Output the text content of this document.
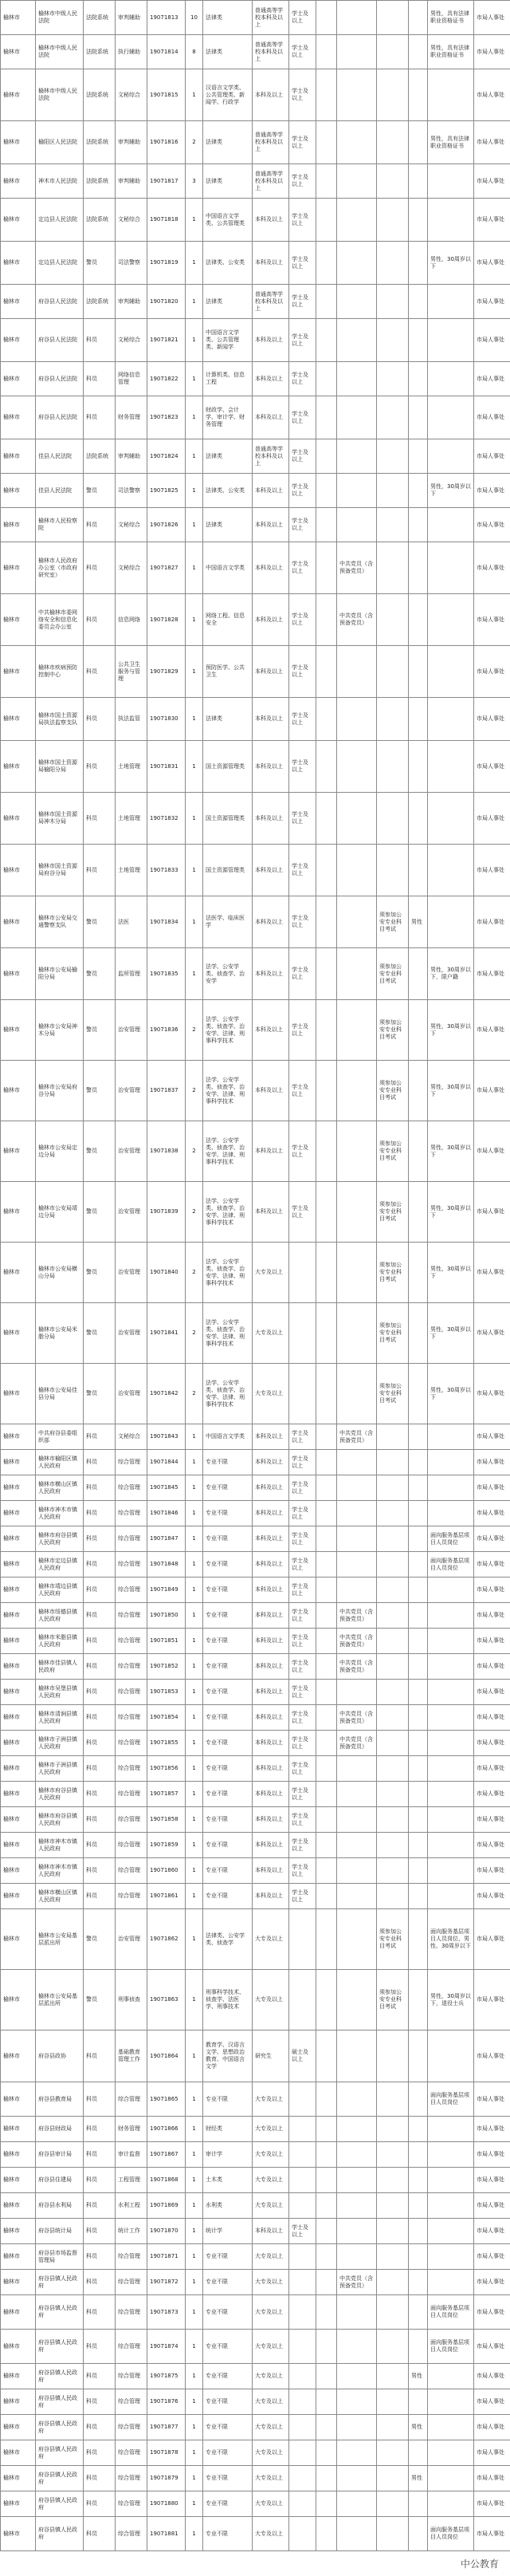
榆林市	榆林市中级人民法院	法院系统	审判辅助	19071813	10	法律类	普通高等学校本科及以上	学士及以上					男性，具有法律职业资格证书	市局人事处
榆林市	榆林市中级人民法院	法院系统	执行辅助	19071814	8	法律类	普通高等学校本科及以上	学士及以上					男性，具有法律职业资格证书	市局人事处
榆林市	榆林市中级人民法院	法院系统	文秘综合	19071815	1	汉语言文学类、公共管理类、新闻学、行政学	本科及以上	学士及以上						市局人事处
榆林市	榆阳区人民法院	法院系统	审判辅助	19071816	2	法律类	普通高等学校本科及以上	学士及以上					男性，具有法律职业资格证书	市局人事处
榆林市	神木市人民法院	法院系统	审判辅助	19071817	3	法律类	普通高等学校本科及以上	学士及以上						市局人事处
榆林市	定边县人民法院	法院系统	文秘综合	19071818	1	中国语言文学类、公共管理类	本科及以上	学士及以上						市局人事处
榆林市	定边县人民法院	警员	司法警察	19071819	1	法律类、公安类	本科及以上	学士及以上					男性，30周岁以下	市局人事处
榆林市	府谷县人民法院	法院系统	审判辅助	19071820	1	法律类	普通高等学校本科及以上	学士及以上						市局人事处
榆林市	府谷县人民法院	科员	文秘综合	19071821	1	中国语言文学类、公共管理类、新闻学	本科及以上	学士及以上						市局人事处
榆林市	府谷县人民法院	科员	网络信息管理	19071822	1	计算机类、信息工程	本科及以上	学士及以上						市局人事处
榆林市	府谷县人民法院	科员	财务管理	19071823	1	财政学、会计学、审计学、财务管理	本科及以上	学士及以上						市局人事处
榆林市	佳县人民法院	法院系统	审判辅助	19071824	1	法律类	普通高等学校本科及以上	学士及以上						市局人事处
榆林市	佳县人民法院	警员	司法警察	19071825	1	法律类、公安类	本科及以上	学士及以上					男性，30周岁以下	市局人事处
榆林市	榆林市人民检察院	科员	文秘综合	19071826	1	法律类	本科及以上	学士及以上						市局人事处
榆林市	榆林市人民政府办公室（市政府研究室）	科员	文秘综合	19071827	1	中国语言文学类	本科及以上	学士及以上		中共党员（含预备党员）				市局人事处
榆林市	中共榆林市委网络安全和信息化委员会办公室	科员	信息网络	19071828	1	网络工程、信息安全	本科及以上	学士及以上		中共党员（含预备党员）				市局人事处
榆林市	榆林市疾病预防控制中心	科员	公共卫生服务与管理	19071829	1	预防医学、公共卫生	本科及以上	学士及以上						市局人事处
榆林市	榆林市国土资源局执法监察支队	科员	执法监管	19071830	1	法律类	本科及以上	学士及以上						市局人事处
榆林市	榆林市国土资源局榆阳分局	科员	土地管理	19071831	1	国土资源管理类	本科及以上	学士及以上						市局人事处
榆林市	榆林市国土资源局神木分局	科员	土地管理	19071832	1	国土资源管理类	本科及以上	学士及以上						市局人事处
榆林市	榆林市国土资源局府谷分局	科员	土地管理	19071833	1	国土资源管理类	本科及以上	学士及以上						市局人事处
榆林市	榆林市公安局交通警察支队	警员	法医	19071834	1	法医学、临床医学	本科及以上	学士及以上			须参加公安专业科目考试	男性		市局人事处
榆林市	榆林市公安局榆阳分局	警员	监所管理	19071835	1	法学、公安学类、侦查学、治安学	本科及以上	学士及以上			须参加公安专业科目考试		男性，30周岁以下，限户籍	市局人事处
榆林市	榆林市公安局神木分局	警员	治安管理	19071836	2	法学、公安学类、侦查学、治安学、法律、刑事科学技术	本科及以上	学士及以上			须参加公安专业科目考试		男性，30周岁以下	市局人事处
榆林市	榆林市公安局府谷分局	警员	治安管理	19071837	2	法学、公安学类、侦查学、治安学、法律、刑事科学技术	本科及以上	学士及以上			须参加公安专业科目考试		男性，30周岁以下	市局人事处
榆林市	榆林市公安局定边分局	警员	治安管理	19071838	2	法学、公安学类、侦查学、治安学、法律、刑事科学技术	本科及以上	学士及以上			须参加公安专业科目考试		男性，30周岁以下	市局人事处
榆林市	榆林市公安局靖边分局	警员	治安管理	19071839	2	法学、公安学类、侦查学、治安学、法律、刑事科学技术	本科及以上	学士及以上			须参加公安专业科目考试		男性，30周岁以下	市局人事处
榆林市	榆林市公安局横山分局	警员	治安管理	19071840	2	法学、公安学类、侦查学、治安学、法律、刑事科学技术	大专及以上				须参加公安专业科目考试		男性，30周岁以下	市局人事处
榆林市	榆林市公安局米脂分局	警员	治安管理	19071841	2	法学、公安学类、侦查学、治安学、法律、刑事科学技术	大专及以上				须参加公安专业科目考试		男性，30周岁以下	市局人事处
榆林市	榆林市公安局佳县分局	警员	治安管理	19071842	2	法学、公安学类、侦查学、治安学、法律、刑事科学技术	大专及以上				须参加公安专业科目考试		男性，30周岁以下	市局人事处
榆林市	中共府谷县委组织部	科员	文秘综合	19071843	1	中国语言文学类	本科及以上	学士及以上		中共党员（含预备党员）				市局人事处
榆林市	榆林市榆阳区镇人民政府	科员	综合管理	19071844	1	专业不限	本科及以上	学士及以上						市局人事处
榆林市	榆林市横山区镇人民政府	科员	综合管理	19071845	1	专业不限	本科及以上	学士及以上						市局人事处
榆林市	榆林市神木市镇人民政府	科员	综合管理	19071846	1	专业不限	本科及以上	学士及以上						市局人事处
榆林市	榆林市府谷县镇人民政府	科员	综合管理	19071847	1	专业不限	本科及以上	学士及以上					面向服务基层项目人员岗位	市局人事处
榆林市	榆林市定边县镇人民政府	科员	综合管理	19071848	1	专业不限	本科及以上	学士及以上					面向服务基层项目人员岗位	市局人事处
榆林市	榆林市靖边县镇人民政府	科员	综合管理	19071849	1	专业不限	本科及以上	学士及以上						市局人事处
榆林市	榆林市绥德县镇人民政府	科员	综合管理	19071850	1	专业不限	本科及以上	学士及以上		中共党员（含预备党员）				市局人事处
榆林市	榆林市米脂县镇人民政府	科员	综合管理	19071851	1	专业不限	本科及以上	学士及以上		中共党员（含预备党员）				市局人事处
榆林市	榆林市佳县镇人民政府	科员	综合管理	19071852	1	专业不限	本科及以上	学士及以上		中共党员（含预备党员）				市局人事处
榆林市	榆林市吴堡县镇人民政府	科员	综合管理	19071853	1	专业不限	本科及以上	学士及以上						市局人事处
榆林市	榆林市清涧县镇人民政府	科员	综合管理	19071854	1	专业不限	本科及以上	学士及以上		中共党员（含预备党员）				市局人事处
榆林市	榆林市子洲县镇人民政府	科员	综合管理	19071855	1	专业不限	本科及以上	学士及以上		中共党员（含预备党员）				市局人事处
榆林市	榆林市子洲县镇人民政府	科员	综合管理	19071856	1	专业不限	本科及以上	学士及以上						市局人事处
榆林市	榆林市府谷县镇人民政府	科员	综合管理	19071857	1	专业不限	本科及以上	学士及以上						市局人事处
榆林市	榆林市府谷县镇人民政府	科员	综合管理	19071858	1	专业不限	本科及以上	学士及以上						市局人事处
榆林市	榆林市神木市镇人民政府	科员	综合管理	19071859	1	专业不限	本科及以上	学士及以上						市局人事处
榆林市	榆林市神木市镇人民政府	科员	综合管理	19071860	1	专业不限	本科及以上	学士及以上						市局人事处
榆林市	榆林市横山区镇人民政府	科员	综合管理	19071861	1	专业不限	本科及以上	学士及以上						市局人事处
榆林市	榆林市公安局基层派出所	警员	治安管理	19071862	1	法律类、公安学类、侦查学	大专及以上				须参加公安专业科目考试		面向服务基层项目人员岗位、男性、30周岁以下	市局人事处
榆林市	榆林市公安局基层派出所	警员	刑事侦查	19071863	1	刑事科学技术、侦查学、法医学、刑事技术	大专及以上				须参加公安专业科目考试		男性，30周岁以下，退役士兵	市局人事处
榆林市	府谷县政协	科员	基础教育管理工作	19071864	1	教育学、汉语言文学、思想政治教育、中国语言文学	研究生	硕士及以上						市局人事处
榆林市	府谷县教育局	科员	综合管理	19071865	1	专业不限	大专及以上						面向服务基层项目人员岗位	市局人事处
榆林市	府谷县财政局	科员	财务管理	19071866	1	财经类	大专及以上							市局人事处
榆林市	府谷县审计局	科员	审计监督	19071867	1	审计学	大专及以上							市局人事处
榆林市	府谷县住建局	科员	工程管理	19071868	1	土木类	大专及以上							市局人事处
榆林市	府谷县水利局	科员	水利工程	19071869	1	水利类	大专及以上							市局人事处
榆林市	府谷县统计局	科员	统计工作	19071870	1	统计学	本科及以上	学士及以上						市局人事处
榆林市	府谷县市场监督管理局	科员	综合管理	19071871	1	专业不限	大专及以上							市局人事处
榆林市	府谷县镇人民政府	科员	综合管理	19071872	1	专业不限	大专及以上			中共党员（含预备党员）				市局人事处
榆林市	府谷县镇人民政府	科员	综合管理	19071873	1	专业不限	大专及以上						面向服务基层项目人员岗位	市局人事处
榆林市	府谷县镇人民政府	科员	综合管理	19071874	1	专业不限	大专及以上						面向服务基层项目人员岗位	市局人事处
榆林市	府谷县镇人民政府	科员	综合管理	19071875	1	专业不限	大专及以上					男性		市局人事处
榆林市	府谷县镇人民政府	科员	综合管理	19071876	1	专业不限	大专及以上							市局人事处
榆林市	府谷县镇人民政府	科员	综合管理	19071877	1	专业不限	大专及以上					男性		市局人事处
榆林市	府谷县镇人民政府	科员	综合管理	19071878	1	专业不限	大专及以上							市局人事处
榆林市	府谷县镇人民政府	科员	综合管理	19071879	1	专业不限	大专及以上					男性		市局人事处
榆林市	府谷县镇人民政府	科员	综合管理	19071880	1	专业不限	大专及以上							市局人事处
榆林市	府谷县镇人民政府	科员	综合管理	19071881	1	专业不限	大专及以上						面向服务基层项目人员岗位	市局人事处
中公教育
